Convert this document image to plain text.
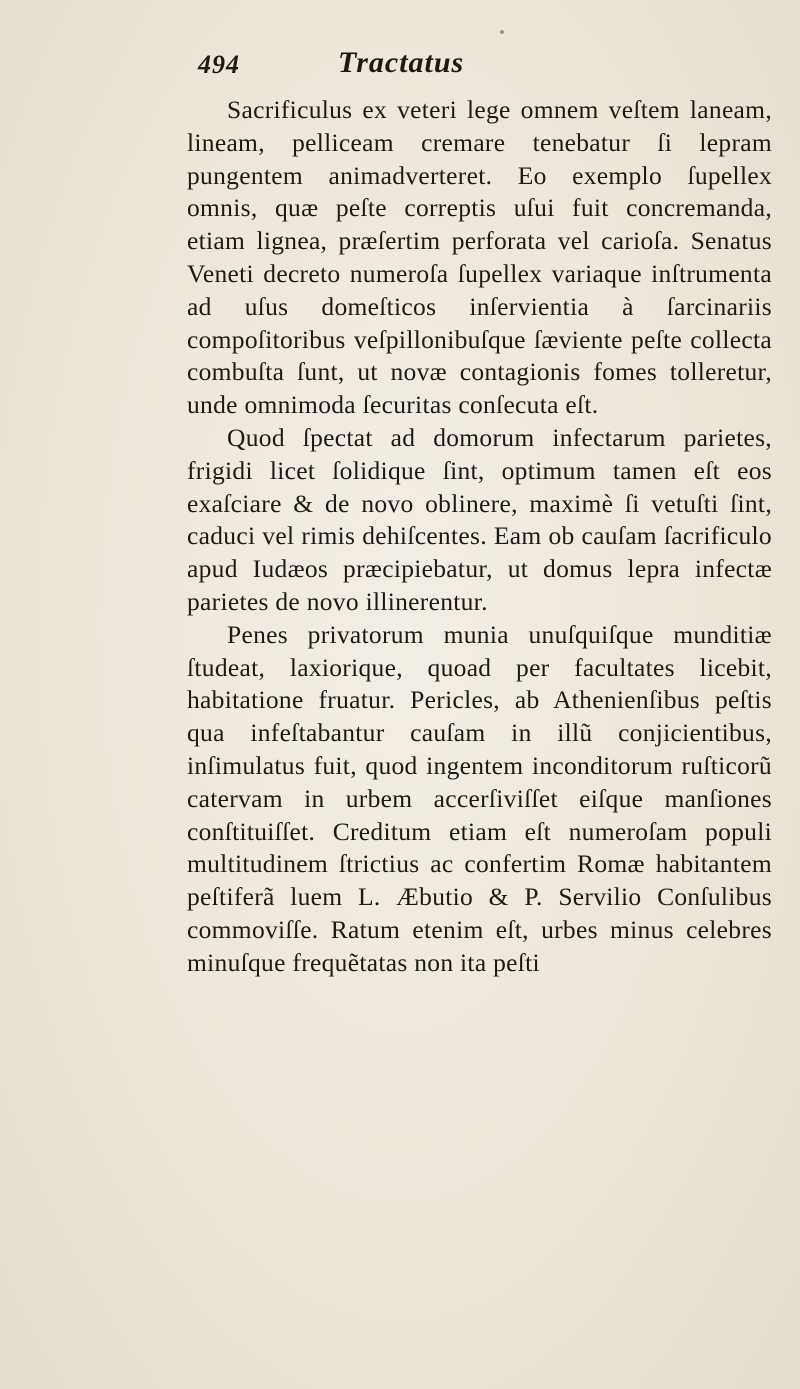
494	Tractatus

Sacrificulus ex veteri lege omnem veſtem laneam, lineam, pelliceam cremare tenebatur ſi lepram pungentem animadverteret. Eo exemplo ſupellex omnis, quæ peſte correptis uſui fuit concremanda, etiam lignea, præſertim perforata vel carioſa. Senatus Veneti decreto numeroſa ſupellex variaque inſtrumenta ad uſus domeſticos inſervientia à ſarcinariis compoſitoribus veſpillonibuſque ſæviente peſte collecta combuſta ſunt, ut novæ contagionis fomes tolleretur, unde omnimoda ſecuritas conſecuta eſt.

Quod ſpectat ad domorum infectarum parietes, frigidi licet ſolidique ſint, optimum tamen eſt eos exaſciare & de novo oblinere, maximè ſi vetuſti ſint, caduci vel rimis dehiſcentes. Eam ob cauſam ſacrificulo apud Iudæos præcipiebatur, ut domus lepra infectæ parietes de novo illinerentur.

Penes privatorum munia unuſquiſque munditiæ ſtudeat, laxiorique, quoad per facultates licebit, habitatione fruatur. Pericles, ab Athenienſibus peſtis qua infeſtabantur cauſam in illũ conjicientibus, inſimulatus fuit, quod ingentem inconditorum ruſticorũ catervam in urbem accerſiviſſet eiſque manſiones conſtituiſſet. Creditum etiam eſt numeroſam populi multitudinem ſtrictius ac confertim Romæ habitantem peſtiferã luem L. Æbutio & P. Servilio Conſulibus commoviſſe. Ratum etenim eſt, urbes minus celebres minuſque frequẽtatas non ita peſti
